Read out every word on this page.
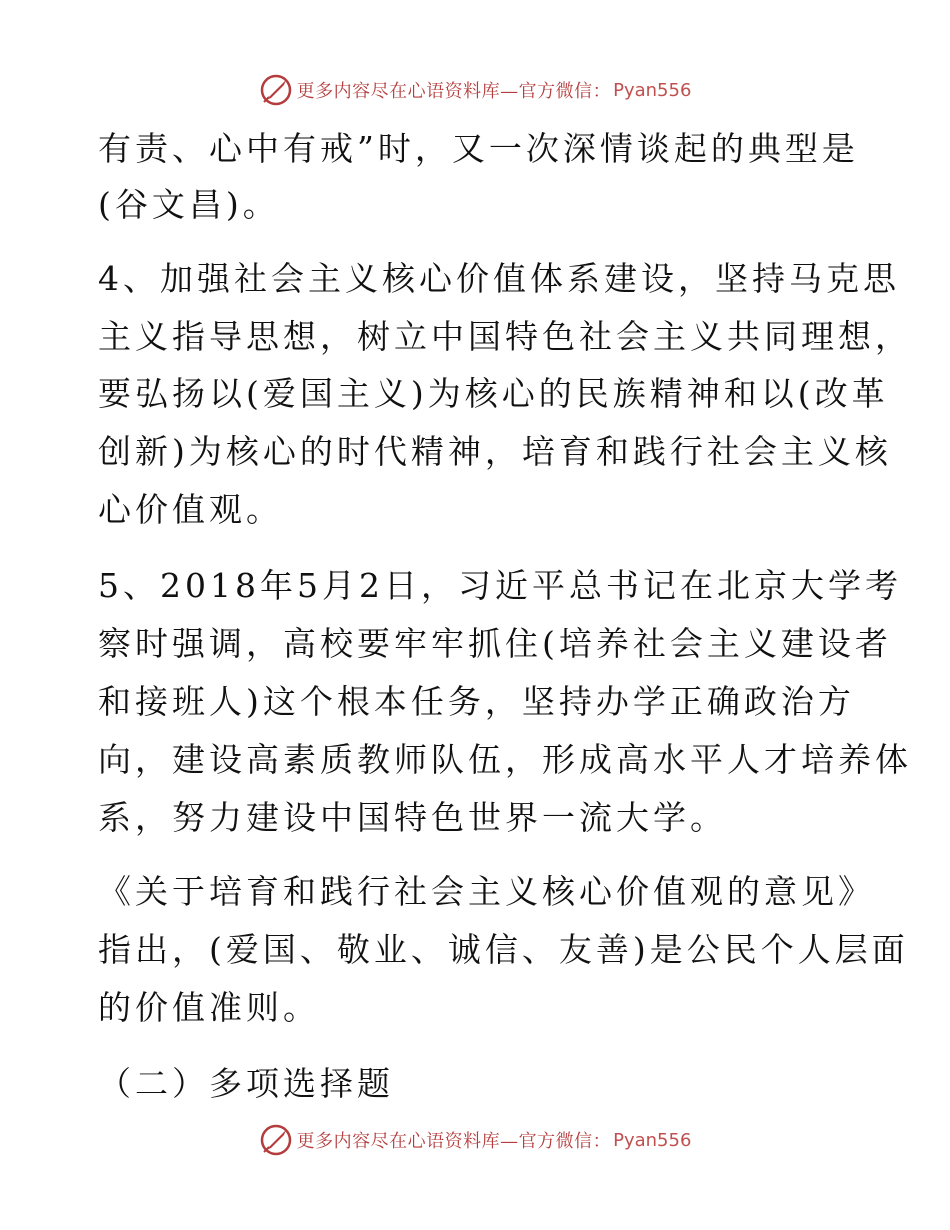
更多内容尽在心语资料库—官方微信： Pyan556
有责、心中有戒”时，又一次深情谈起的典型是
(谷文昌)。
4、加强社会主义核心价值体系建设，坚持马克思
主义指导思想，树立中国特色社会主义共同理想，
要弘扬以(爱国主义)为核心的民族精神和以(改革
创新)为核心的时代精神，培育和践行社会主义核
心价值观。
5、2018年5月2日，习近平总书记在北京大学考
察时强调，高校要牢牢抓住(培养社会主义建设者
和接班人)这个根本任务，坚持办学正确政治方
向，建设高素质教师队伍，形成高水平人才培养体
系，努力建设中国特色世界一流大学。
《关于培育和践行社会主义核心价值观的意见》
指出，(爱国、敬业、诚信、友善)是公民个人层面
的价值准则。
（二）多项选择题
更多内容尽在心语资料库—官方微信： Pyan556
